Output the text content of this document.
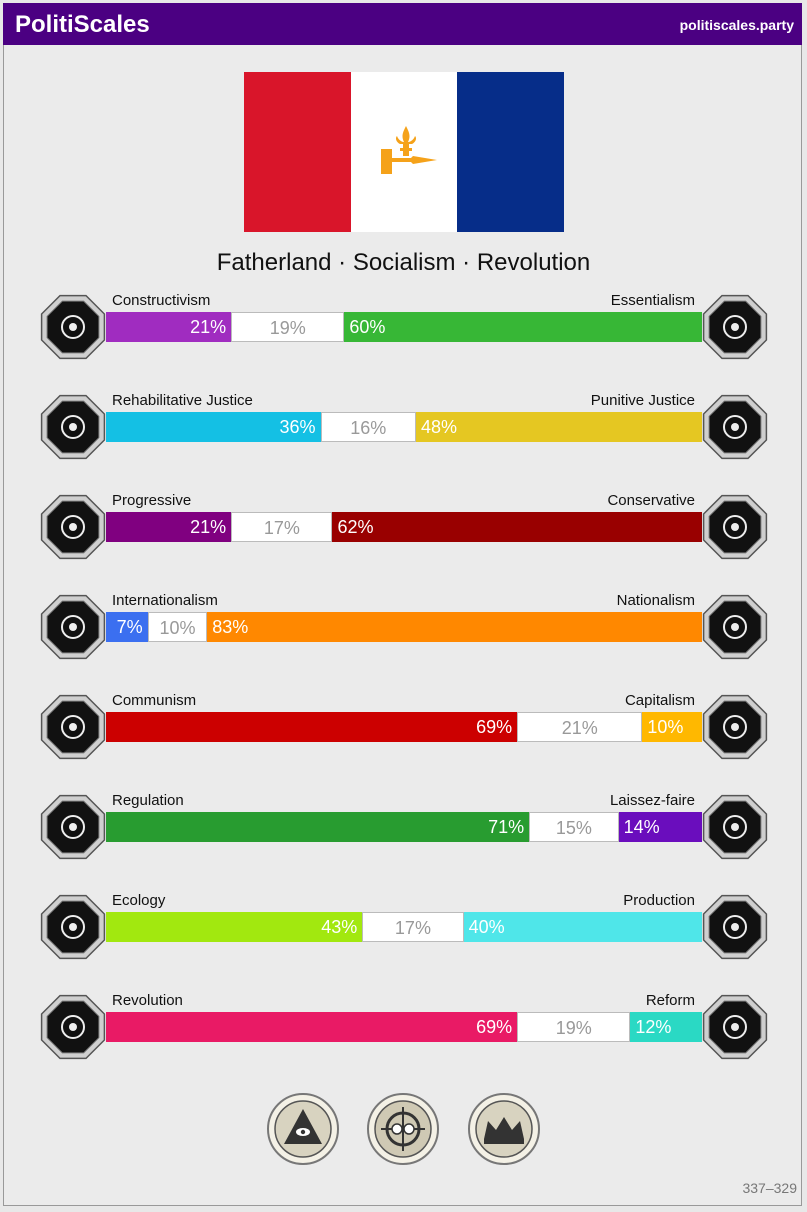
PolitiScales	politiscales.party
Fatherland · Socialism · Revolution
21%	19%	60%
Constructivism	Essentialism
36%	16%	48%
Rehabilitative Justice	Punitive Justice
21%	17%	62%
Progressive	Conservative
7% 10% 83%
Internationalism	Nationalism
69%	21%	10%
Communism	Capitalism
71%	15%	14%
Regulation	Laissez-faire
43%	17%	40%
Ecology	Production
69%	19%	12%
Revolution	Reform
337–329
